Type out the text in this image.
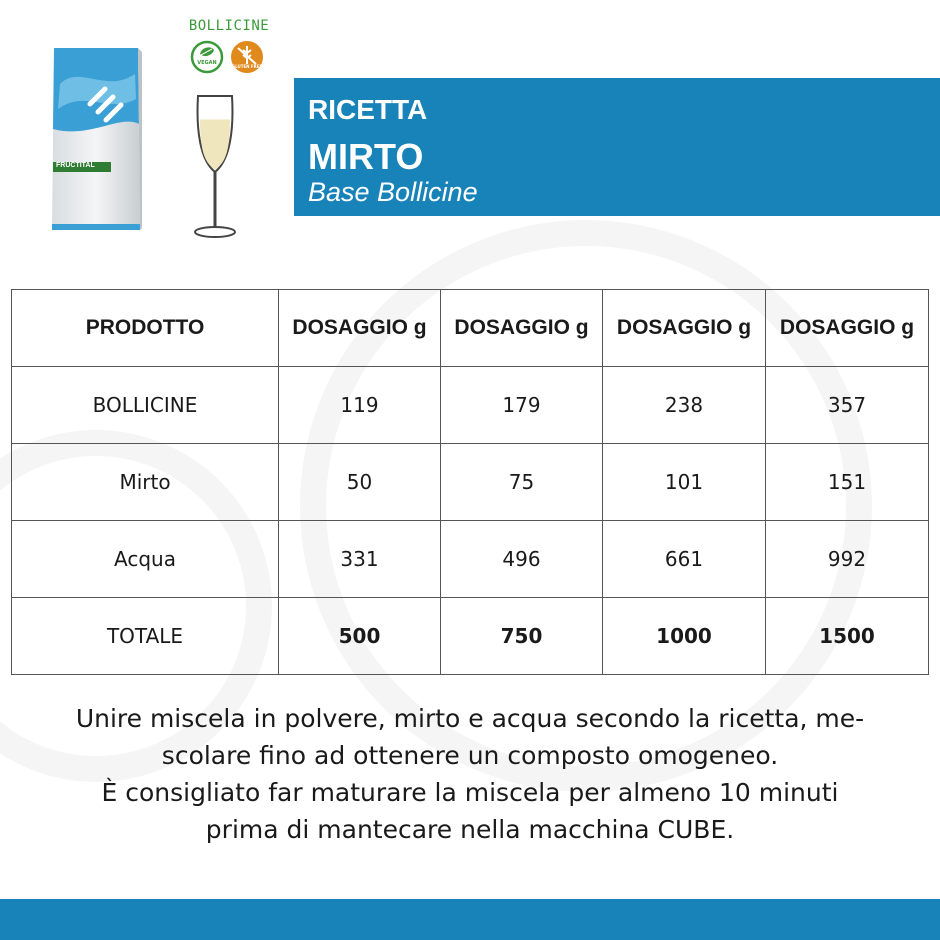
FRUCTITAL
BOLLICINE
VEGAN
GLUTEN FREE
RICETTA
MIRTO
Base Bollicine
PRODOTTO	DOSAGGIO g	DOSAGGIO g	DOSAGGIO g	DOSAGGIO g
BOLLICINE	119	179	238	357
Mirto	50	75	101	151
Acqua	331	496	661	992
TOTALE	500	750	1000	1500

Unire miscela in polvere, mirto e acqua secondo la ricetta, me-

scolare fino ad ottenere un composto omogeneo.

È consigliato far maturare la miscela per almeno 10 minuti

prima di mantecare nella macchina CUBE.
